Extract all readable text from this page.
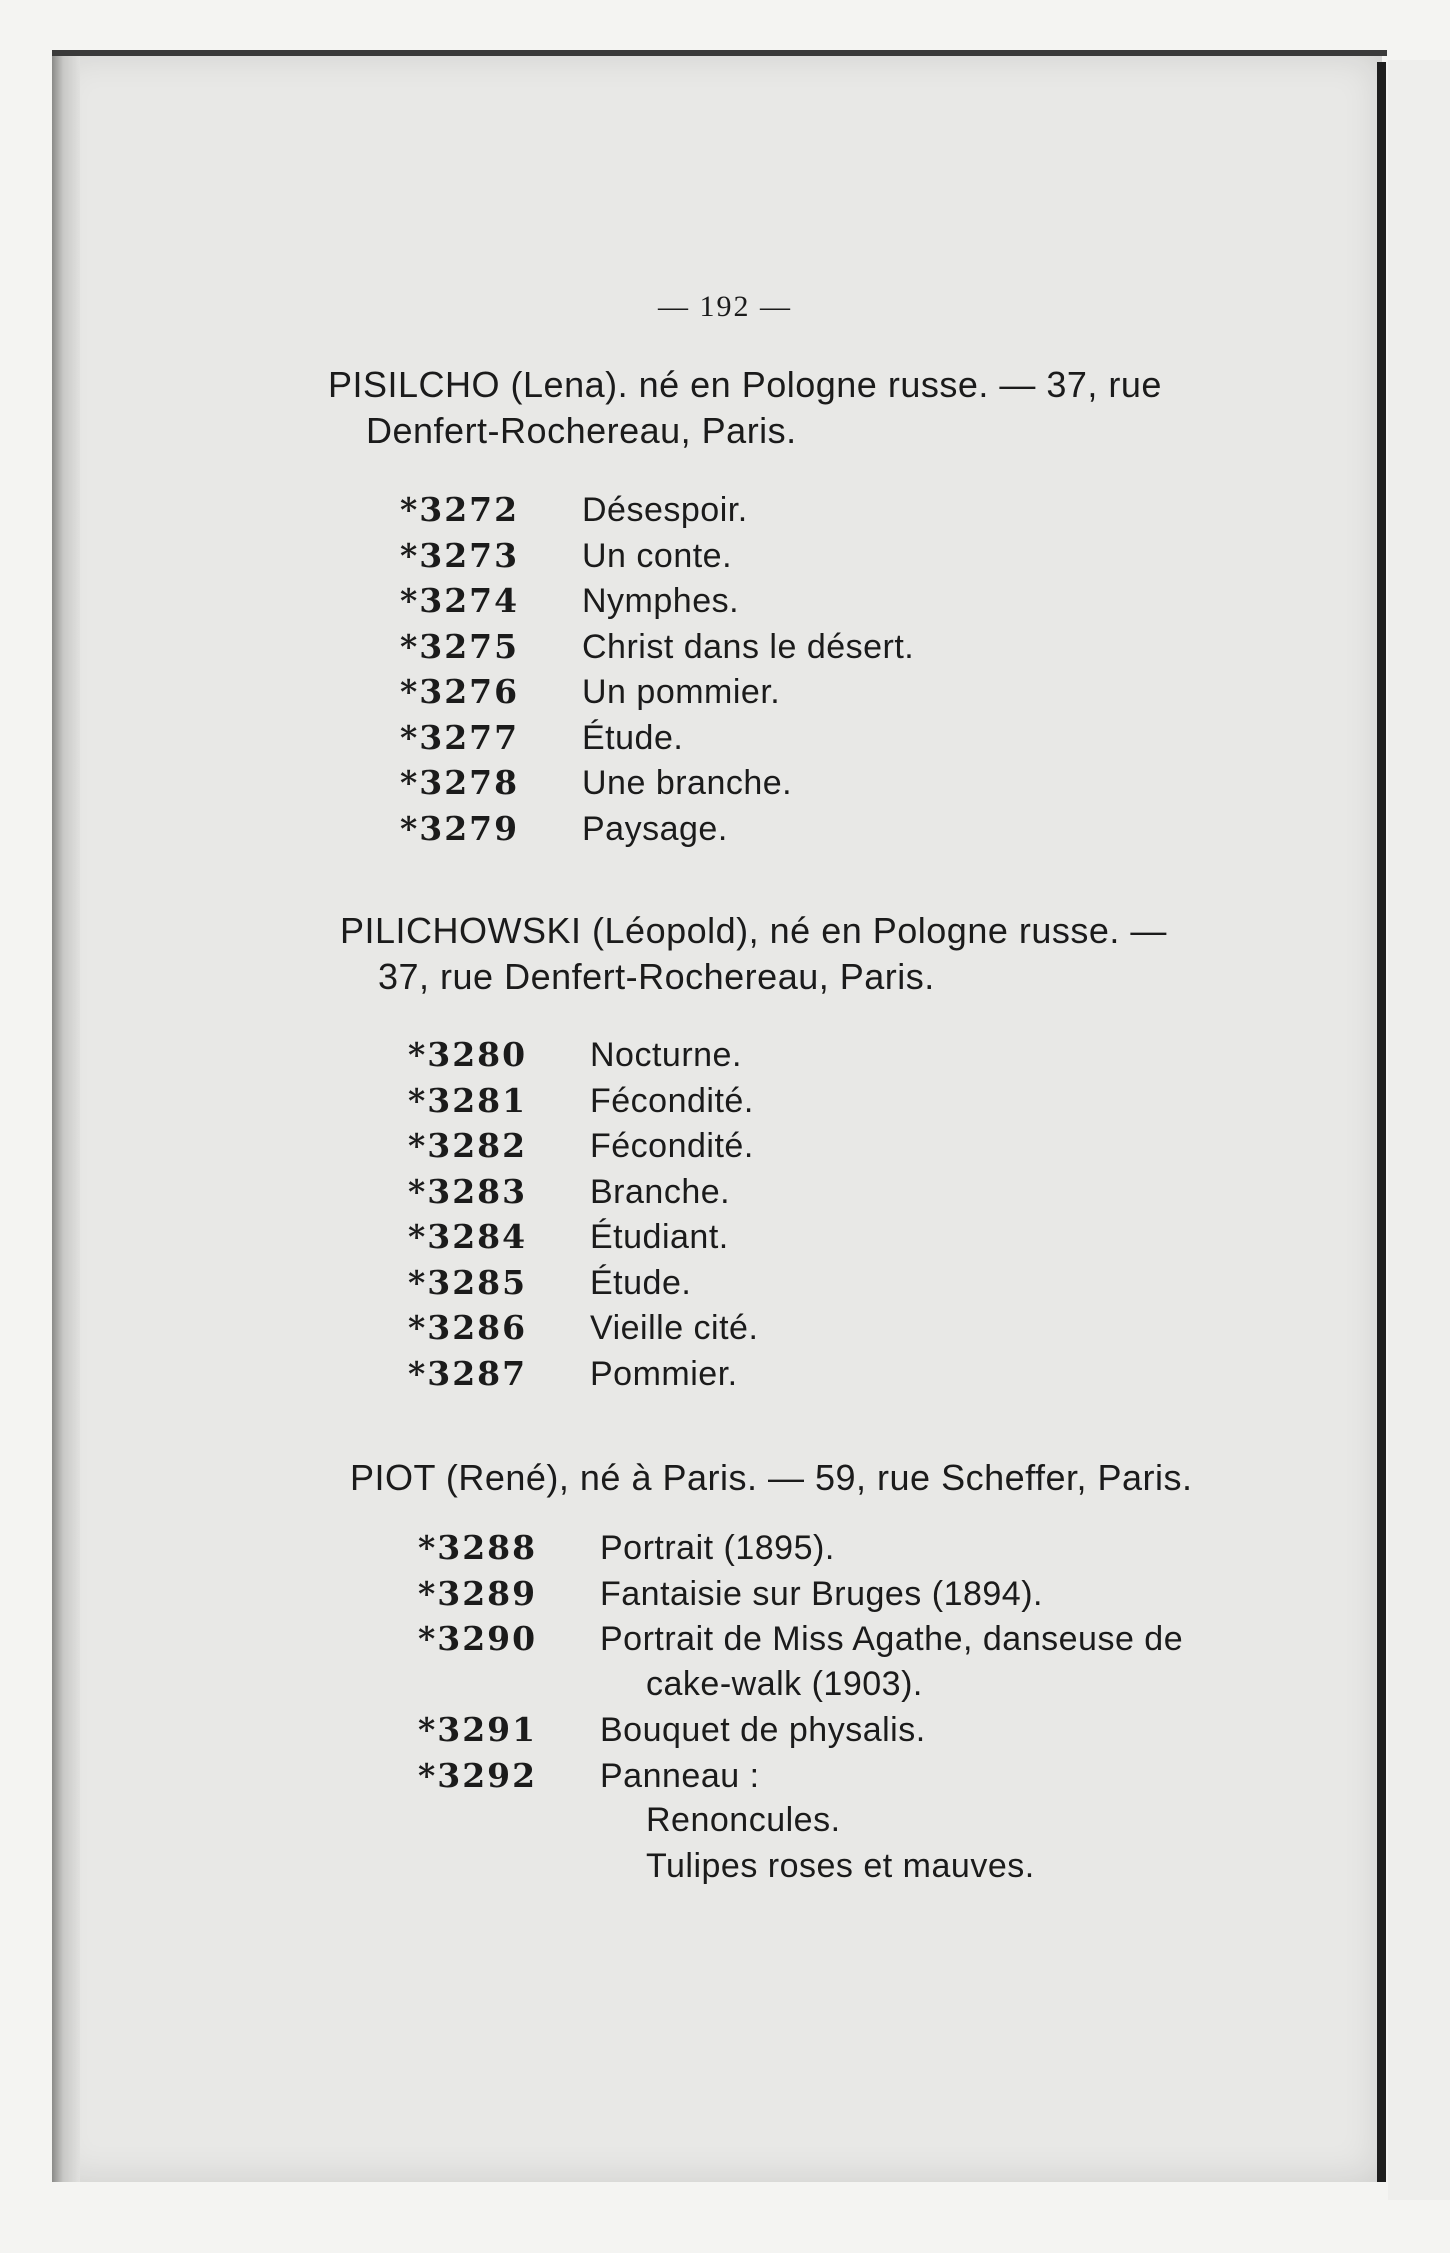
— 192 —
PISILCHO (Lena). né en Pologne russe. — 37, rue
Denfert-Rochereau, Paris.
*3272	Désespoir.
*3273	Un conte.
*3274	Nymphes.
*3275	Christ dans le désert.
*3276	Un pommier.
*3277	Étude.
*3278	Une branche.
*3279	Paysage.
PILICHOWSKI (Léopold), né en Pologne russe. —
37, rue Denfert-Rochereau, Paris.
*3280	Nocturne.
*3281	Fécondité.
*3282	Fécondité.
*3283	Branche.
*3284	Étudiant.
*3285	Étude.
*3286	Vieille cité.
*3287	Pommier.
PIOT (René), né à Paris. — 59, rue Scheffer, Paris.
*3288	Portrait (1895).
*3289	Fantaisie sur Bruges (1894).
*3290	Portrait de Miss Agathe, danseuse de
cake-walk (1903).
*3291	Bouquet de physalis.
*3292	Panneau :
Renoncules.
Tulipes roses et mauves.
